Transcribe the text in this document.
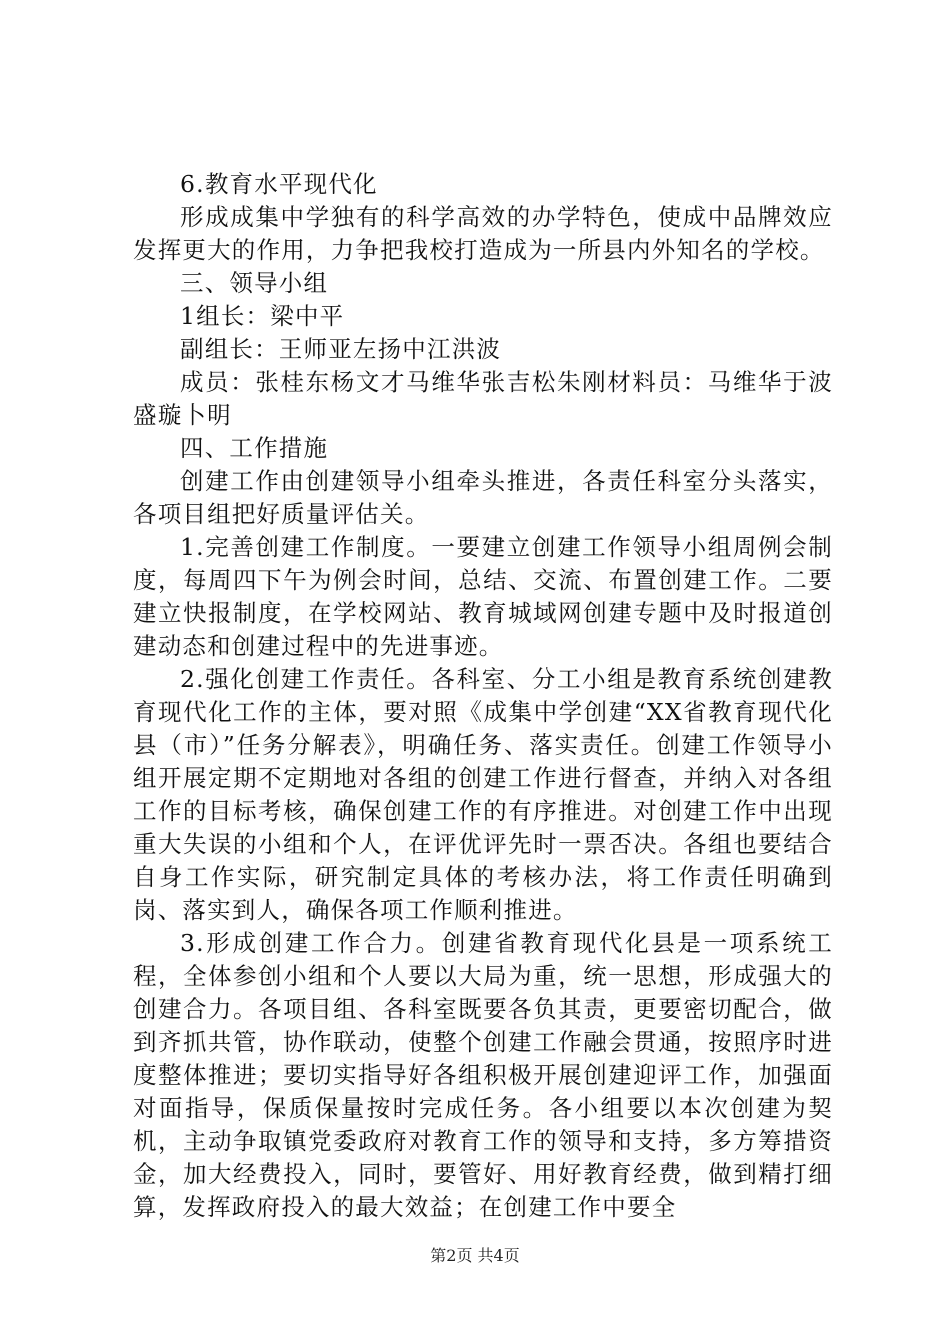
6.教育水平现代化

形成成集中学独有的科学高效的办学特色，使成中品牌效应发挥更大的作用，力争把我校打造成为一所县内外知名的学校。

三、领导小组

1组长：梁中平

副组长：王师亚左扬中江洪波

成员：张桂东杨文才马维华张吉松朱刚材料员：马维华于波盛璇卜明

四、工作措施

创建工作由创建领导小组牵头推进，各责任科室分头落实，各项目组把好质量评估关。

1.完善创建工作制度。一要建立创建工作领导小组周例会制度，每周四下午为例会时间，总结、交流、布置创建工作。二要建立快报制度，在学校网站、教育城域网创建专题中及时报道创建动态和创建过程中的先进事迹。

2.强化创建工作责任。各科室、分工小组是教育系统创建教育现代化工作的主体，要对照《成集中学创建“XX省教育现代化县（市）”任务分解表》，明确任务、落实责任。创建工作领导小组开展定期不定期地对各组的创建工作进行督查，并纳入对各组工作的目标考核，确保创建工作的有序推进。对创建工作中出现重大失误的小组和个人，在评优评先时一票否决。各组也要结合自身工作实际，研究制定具体的考核办法，将工作责任明确到岗、落实到人，确保各项工作顺利推进。

3.形成创建工作合力。创建省教育现代化县是一项系统工程，全体参创小组和个人要以大局为重，统一思想，形成强大的创建合力。各项目组、各科室既要各负其责，更要密切配合，做到齐抓共管，协作联动，使整个创建工作融会贯通，按照序时进度整体推进；要切实指导好各组积极开展创建迎评工作，加强面对面指导，保质保量按时完成任务。各小组要以本次创建为契机，主动争取镇党委政府对教育工作的领导和支持，多方筹措资金，加大经费投入，同时，要管好、用好教育经费，做到精打细算，发挥政府投入的最大效益；在创建工作中要全

第2页 共4页
